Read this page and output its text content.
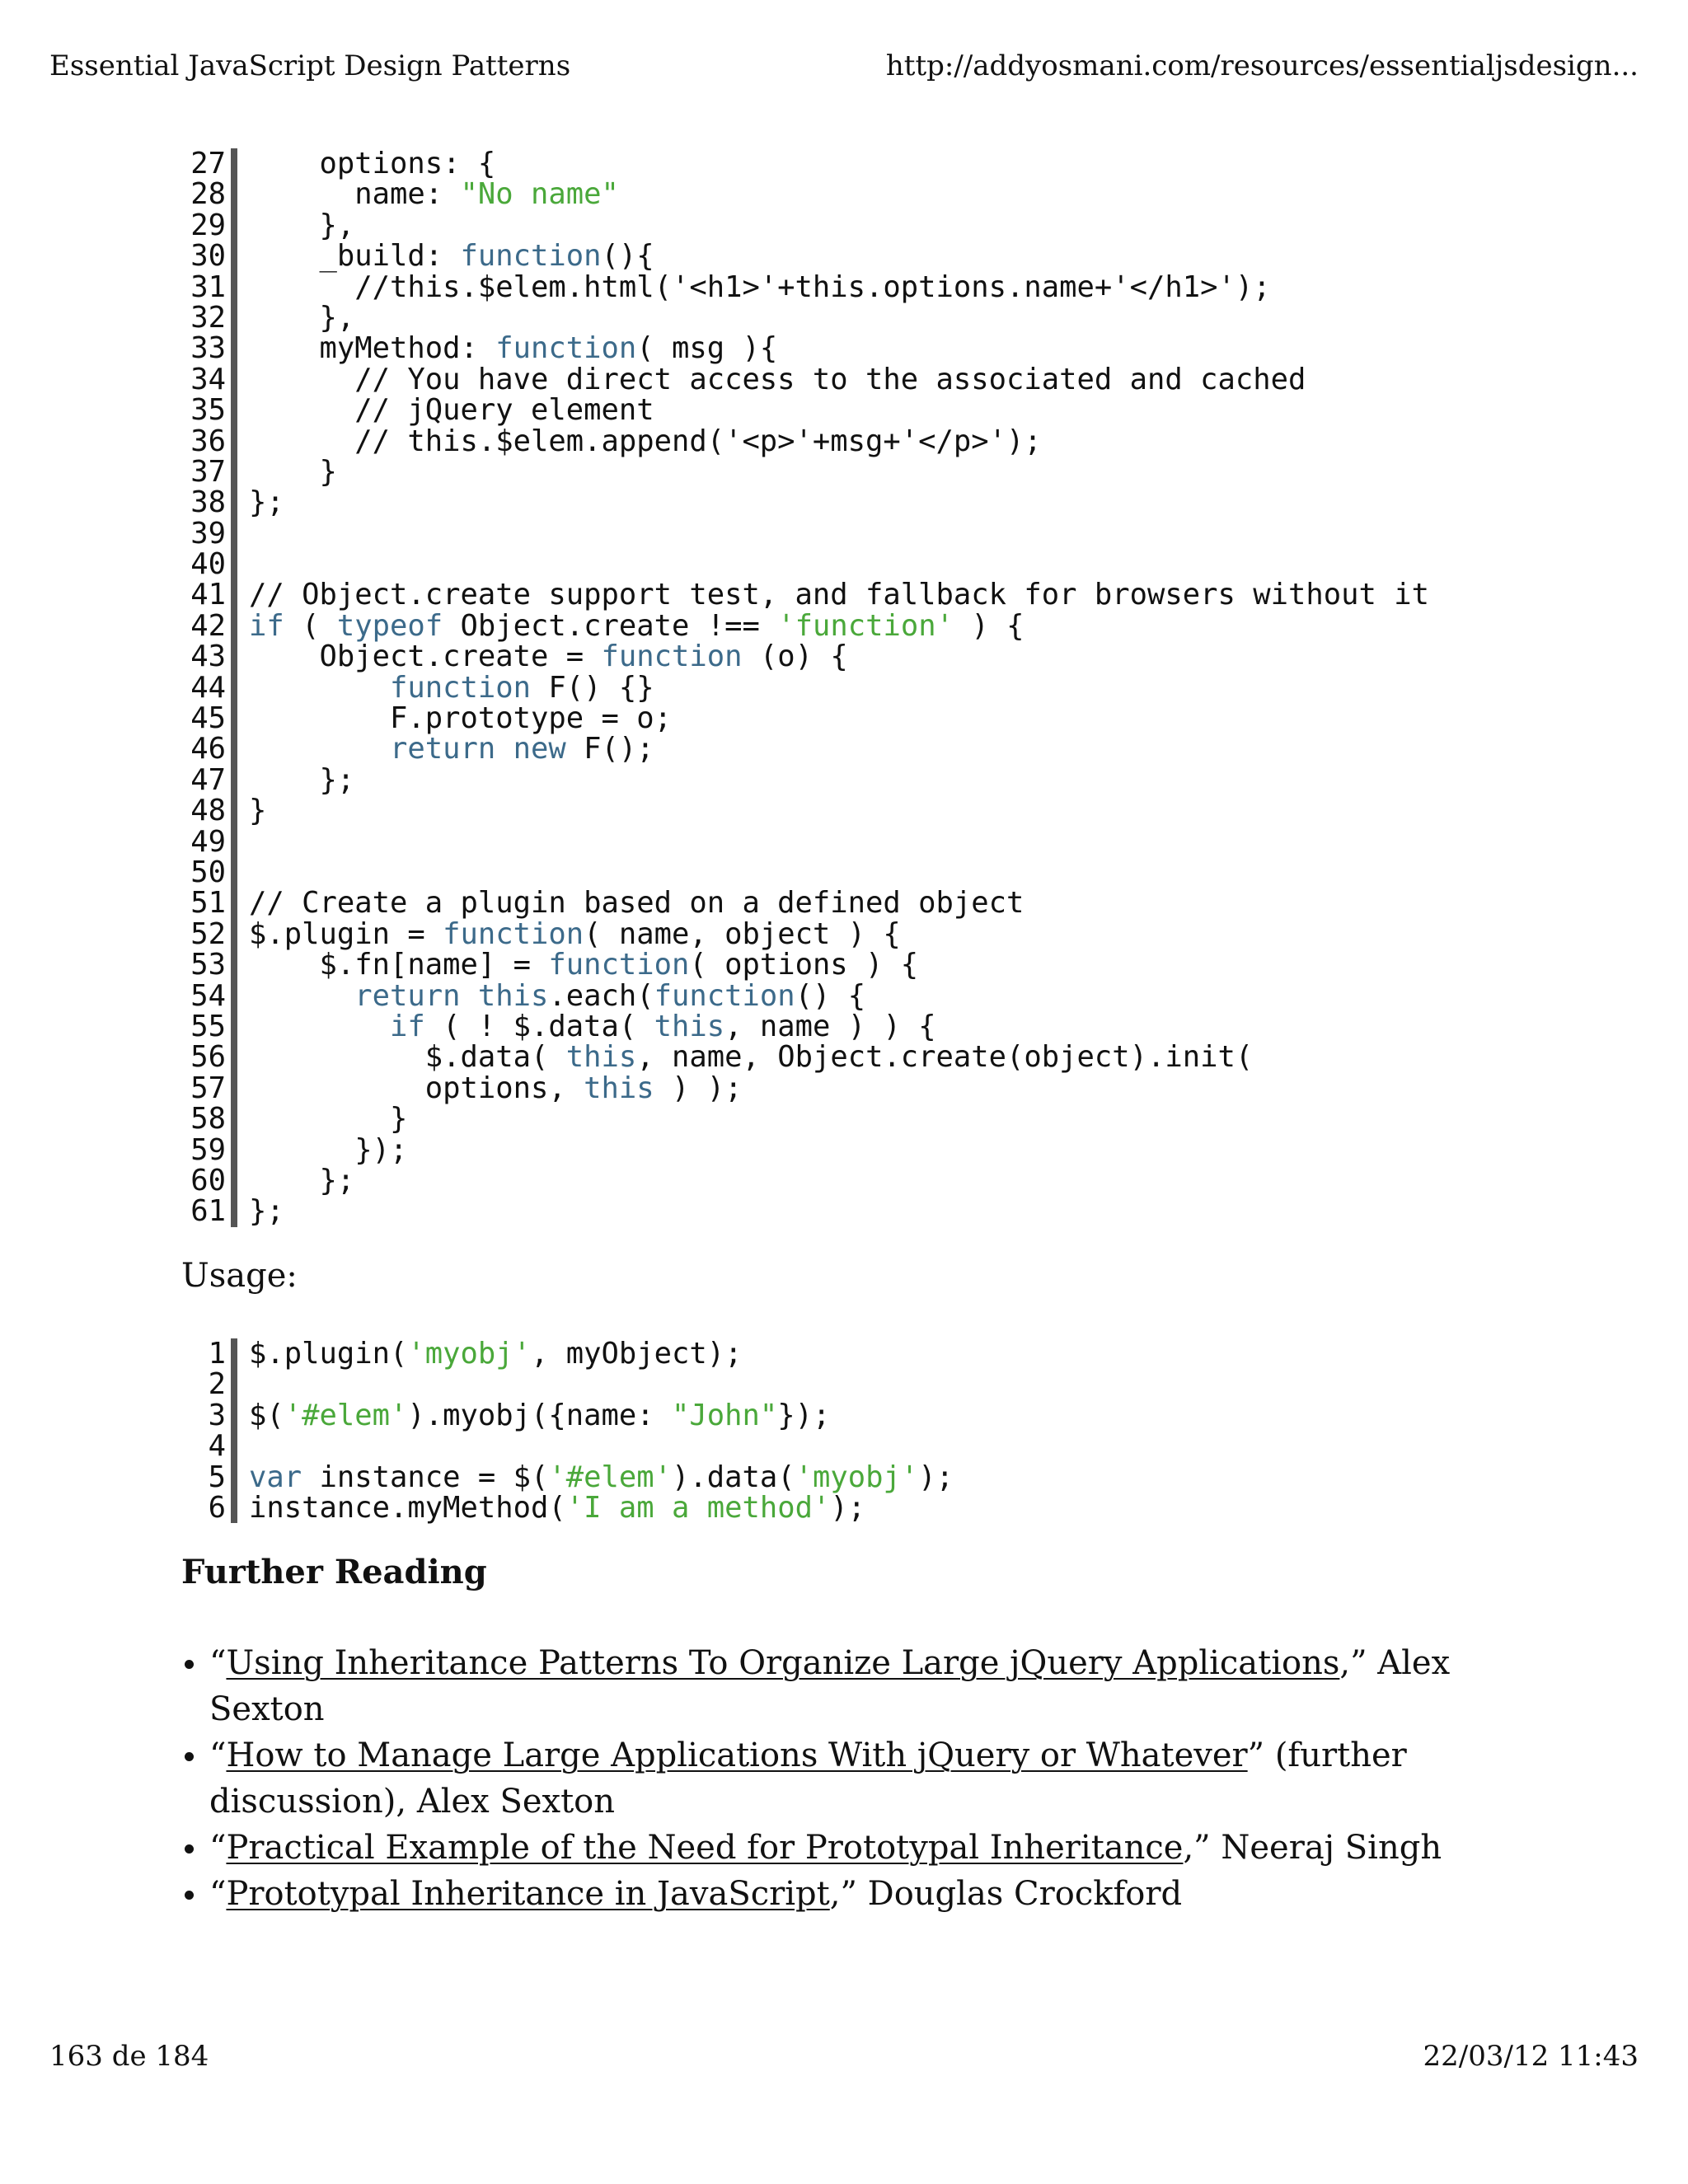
Essential JavaScript Design Patterns	http://addyosmani.com/resources/essentialjsdesign...
27 options: {
28 name: "No name"
29 },
30 _build: function(){
31 //this.$elem.html('<h1>'+this.options.name+'</h1>');
32 },
33 myMethod: function( msg ){
34 // You have direct access to the associated and cached
35 // jQuery element
36 // this.$elem.append('<p>'+msg+'</p>');
37 }
38 };
39
40
41 // Object.create support test, and fallback for browsers without it
42 if ( typeof Object.create !== 'function' ) {
43 Object.create = function (o) {
44	function F() {}
45 F.prototype = o;
46	return new F();
47 };
48 }
49
50
51 // Create a plugin based on a defined object
52 $.plugin = function( name, object ) {
53 $.fn[name] = function( options ) {
54	return this.each(function() {
55	if ( ! $.data( this, name ) ) {
56 $.data( this, name, Object.create(object).init(
57 options, this ) );
58 }
59 });
60 };
61 };
Usage:
1 $.plugin('myobj', myObject);
2
3 $('#elem').myobj({name: "John"});
4
5 var instance = $('#elem').data('myobj');
6 instance.myMethod('I am a method');
Further Reading
“Using Inheritance Patterns To Organize Large jQuery Applications,” Alex Sexton
“How to Manage Large Applications With jQuery or Whatever” (further discussion), Alex Sexton
“Practical Example of the Need for Prototypal Inheritance,” Neeraj Singh
“Prototypal Inheritance in JavaScript,” Douglas Crockford
163 de 184	22/03/12 11:43
